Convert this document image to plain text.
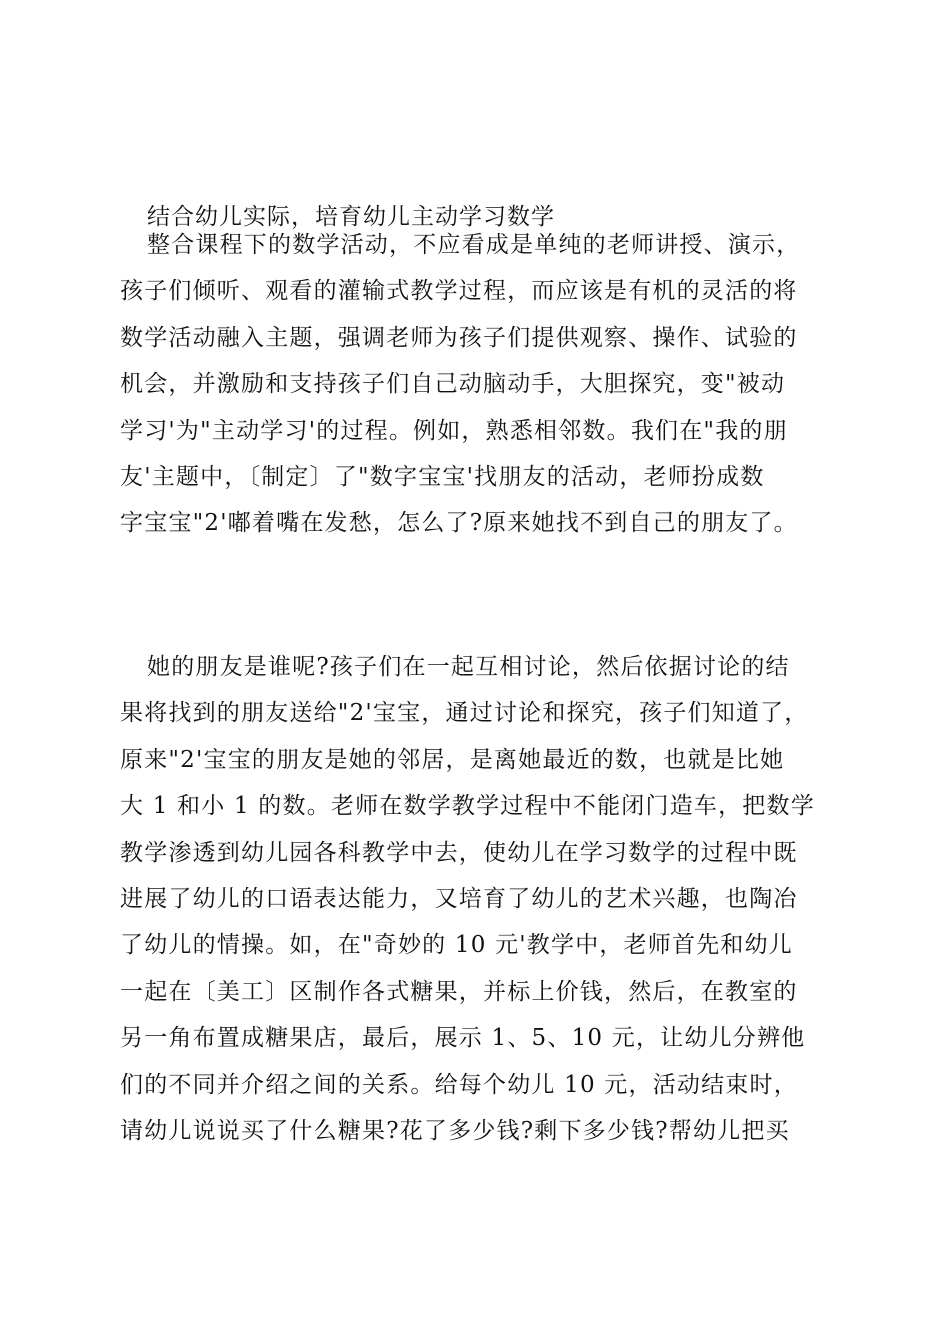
结合幼儿实际，培育幼儿主动学习数学
整合课程下的数学活动，不应看成是单纯的老师讲授、演示，
孩子们倾听、观看的灌输式教学过程，而应该是有机的灵活的将
数学活动融入主题，强调老师为孩子们提供观察、操作、试验的
机会，并激励和支持孩子们自己动脑动手，大胆探究，变"被动
学习'为"主动学习'的过程。例如，熟悉相邻数。我们在"我的朋
友'主题中，〔制定〕了"数字宝宝'找朋友的活动，老师扮成数
字宝宝"2'嘟着嘴在发愁，怎么了?原来她找不到自己的朋友了。
她的朋友是谁呢?孩子们在一起互相讨论，然后依据讨论的结
果将找到的朋友送给"2'宝宝，通过讨论和探究，孩子们知道了，
原来"2'宝宝的朋友是她的邻居，是离她最近的数，也就是比她
大 1 和小 1 的数。老师在数学教学过程中不能闭门造车，把数学
教学渗透到幼儿园各科教学中去，使幼儿在学习数学的过程中既
进展了幼儿的口语表达能力，又培育了幼儿的艺术兴趣，也陶冶
了幼儿的情操。如，在"奇妙的 10 元'教学中，老师首先和幼儿
一起在〔美工〕区制作各式糖果，并标上价钱，然后，在教室的
另一角布置成糖果店，最后，展示 1、5、10 元，让幼儿分辨他
们的不同并介绍之间的关系。给每个幼儿 10 元，活动结束时，
请幼儿说说买了什么糖果?花了多少钱?剩下多少钱?帮幼儿把买
